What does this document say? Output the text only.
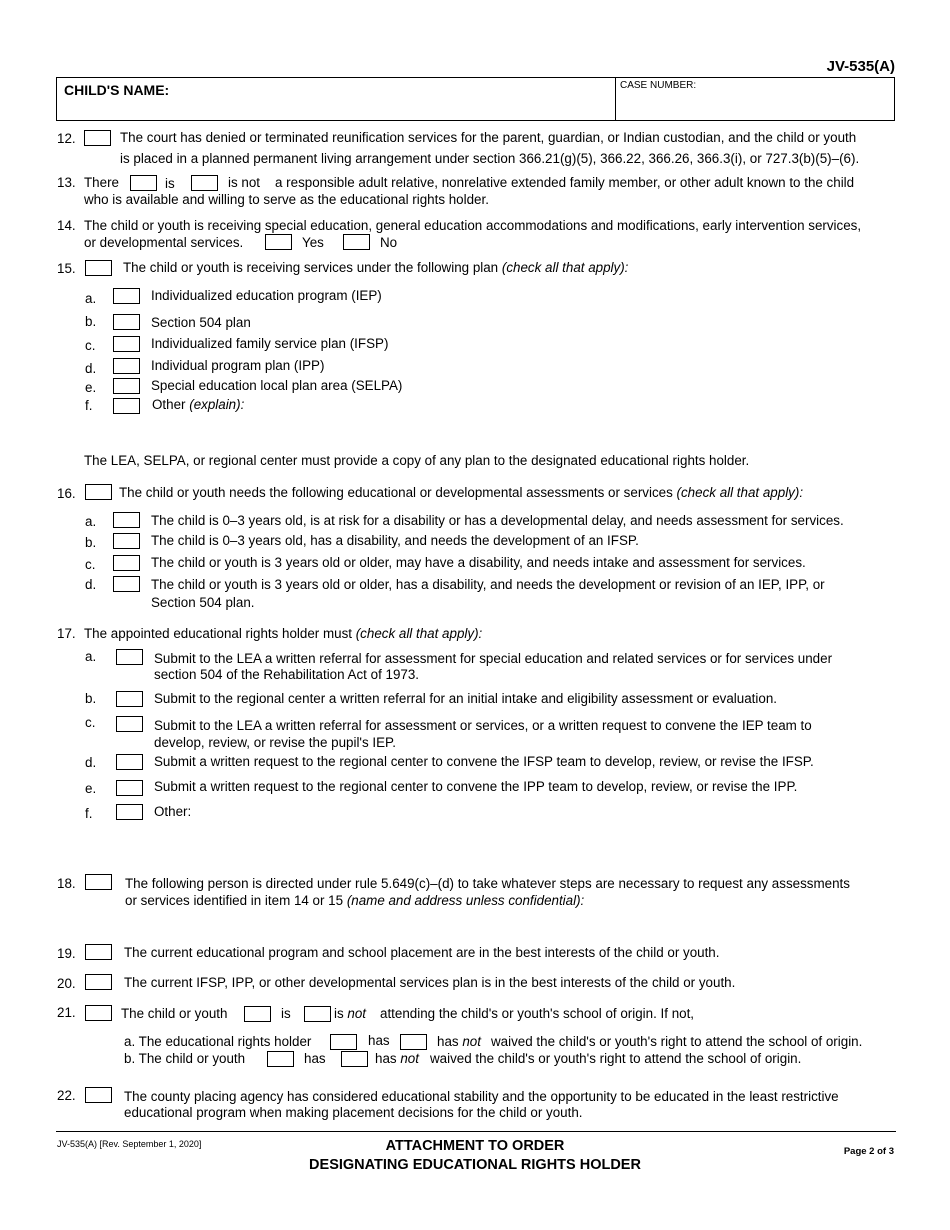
JV-535(A)
CHILD'S NAME:	CASE NUMBER:
12.	The court has denied or terminated reunification services for the parent, guardian, or Indian custodian, and the child or youth
is placed in a planned permanent living arrangement under section 366.21(g)(5), 366.22, 366.26, 366.3(i), or 727.3(b)(5)–(6).
13. There	is	is not a responsible adult relative, nonrelative extended family member, or other adult known to the child
who is available and willing to serve as the educational rights holder.
14. The child or youth is receiving special education, general education accommodations and modifications, early intervention services,
or developmental services.	Yes	No
15.	The child or youth is receiving services under the following plan (check all that apply):
a.	Individualized education program (IEP)
b.	Section 504 plan
c.	Individualized family service plan (IFSP)
d.	Individual program plan (IPP)
e.	Special education local plan area (SELPA)
f.	Other (explain):
The LEA, SELPA, or regional center must provide a copy of any plan to the designated educational rights holder.
16.	The child or youth needs the following educational or developmental assessments or services (check all that apply):
a.	The child is 0–3 years old, is at risk for a disability or has a developmental delay, and needs assessment for services.
b.	The child is 0–3 years old, has a disability, and needs the development of an IFSP.
c.	The child or youth is 3 years old or older, may have a disability, and needs intake and assessment for services.
d.	The child or youth is 3 years old or older, has a disability, and needs the development or revision of an IEP, IPP, or
Section 504 plan.
17. The appointed educational rights holder must (check all that apply):
a.	Submit to the LEA a written referral for assessment for special education and related services or for services under
section 504 of the Rehabilitation Act of 1973.
b.	Submit to the regional center a written referral for an initial intake and eligibility assessment or evaluation.
c.	Submit to the LEA a written referral for assessment or services, or a written request to convene the IEP team to
develop, review, or revise the pupil's IEP.
d.	Submit a written request to the regional center to convene the IFSP team to develop, review, or revise the IFSP.
e.	Submit a written request to the regional center to convene the IPP team to develop, review, or revise the IPP.
f.	Other:
18.	The following person is directed under rule 5.649(c)–(d) to take whatever steps are necessary to request any assessments
or services identified in item 14 or 15 (name and address unless confidential):
19.	The current educational program and school placement are in the best interests of the child or youth.
20.	The current IFSP, IPP, or other developmental services plan is in the best interests of the child or youth.
21.	The child or youth	is	is not attending the child's or youth's school of origin. If not,
a. The educational rights holder	has	has not waived the child's or youth's right to attend the school of origin.
b. The child or youth	has	has not waived the child's or youth's right to attend the school of origin.
22.	The county placing agency has considered educational stability and the opportunity to be educated in the least restrictive
educational program when making placement decisions for the child or youth.
JV-535(A) [Rev. September 1, 2020]	ATTACHMENT TO ORDER
DESIGNATING EDUCATIONAL RIGHTS HOLDER
Page 2 of 3
